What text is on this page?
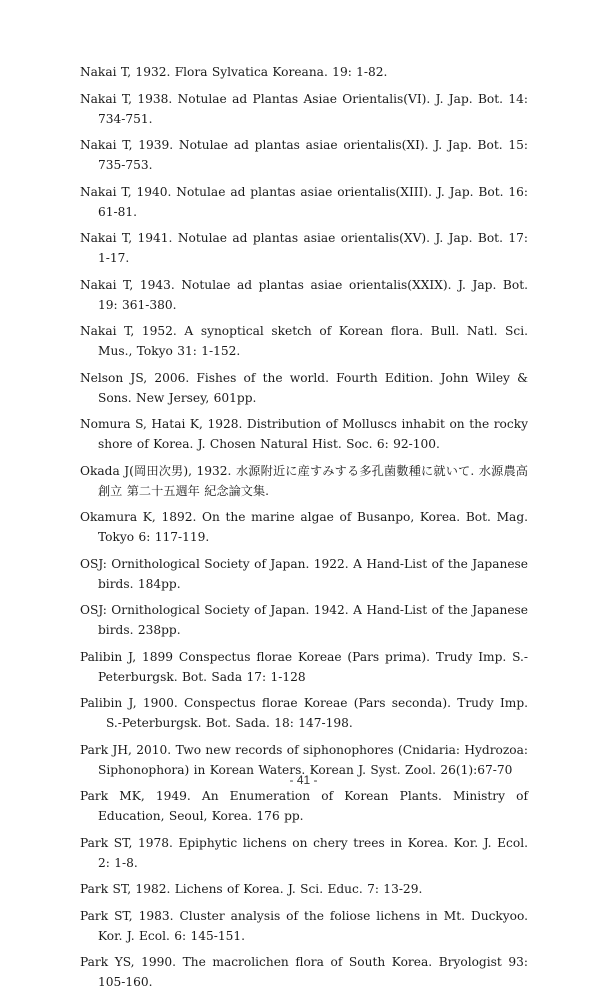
Nakai T, 1932. Flora Sylvatica Koreana. 19: 1-82.

Nakai T, 1938. Notulae ad Plantas Asiae Orientalis(VI). J. Jap. Bot. 14: 734-751.

Nakai T, 1939. Notulae ad plantas asiae orientalis(XI). J. Jap. Bot. 15: 735-753.

Nakai T, 1940. Notulae ad plantas asiae orientalis(XIII). J. Jap. Bot. 16: 61-81.

Nakai T, 1941. Notulae ad plantas asiae orientalis(XV). J. Jap. Bot. 17: 1-17.

Nakai T, 1943. Notulae ad plantas asiae orientalis(XXIX). J. Jap. Bot. 19: 361-380.

Nakai T, 1952. A synoptical sketch of Korean flora. Bull. Natl. Sci. Mus., Tokyo 31: 1-152.

Nelson JS, 2006. Fishes of the world. Fourth Edition. John Wiley & Sons. New Jersey, 601pp.

Nomura S, Hatai K, 1928. Distribution of Molluscs inhabit on the rocky shore of Korea. J. Chosen Natural Hist. Soc. 6: 92-100.

Okada J(岡田次男), 1932. 水源附近に産すみする多孔菌數種に就いて. 水源農高創立 第二十五週年 紀念論文集.

Okamura K, 1892. On the marine algae of Busanpo, Korea. Bot. Mag. Tokyo 6: 117-119.

OSJ: Ornithological Society of Japan. 1922. A Hand-List of the Japanese birds. 184pp.

OSJ: Ornithological Society of Japan. 1942. A Hand-List of the Japanese birds. 238pp.

Palibin J, 1899 Conspectus florae Koreae (Pars prima). Trudy Imp. S.-Peterburgsk. Bot. Sada 17: 1-128

Palibin J, 1900. Conspectus florae Koreae (Pars seconda). Trudy Imp. S.-Peterburgsk. Bot. Sada. 18: 147-198.

Park JH, 2010. Two new records of siphonophores (Cnidaria: Hydrozoa: Siphonophora) in Korean Waters. Korean J. Syst. Zool. 26(1):67-70

Park MK, 1949. An Enumeration of Korean Plants. Ministry of Education, Seoul, Korea. 176 pp.

Park ST, 1978. Epiphytic lichens on chery trees in Korea. Kor. J. Ecol. 2: 1-8.

Park ST, 1982. Lichens of Korea. J. Sci. Educ. 7: 13-29.

Park ST, 1983. Cluster analysis of the foliose lichens in Mt. Duckyoo. Kor. J. Ecol. 6: 145-151.

Park YS, 1990. The macrolichen flora of South Korea. Bryologist 93: 105-160.

- 41 -
